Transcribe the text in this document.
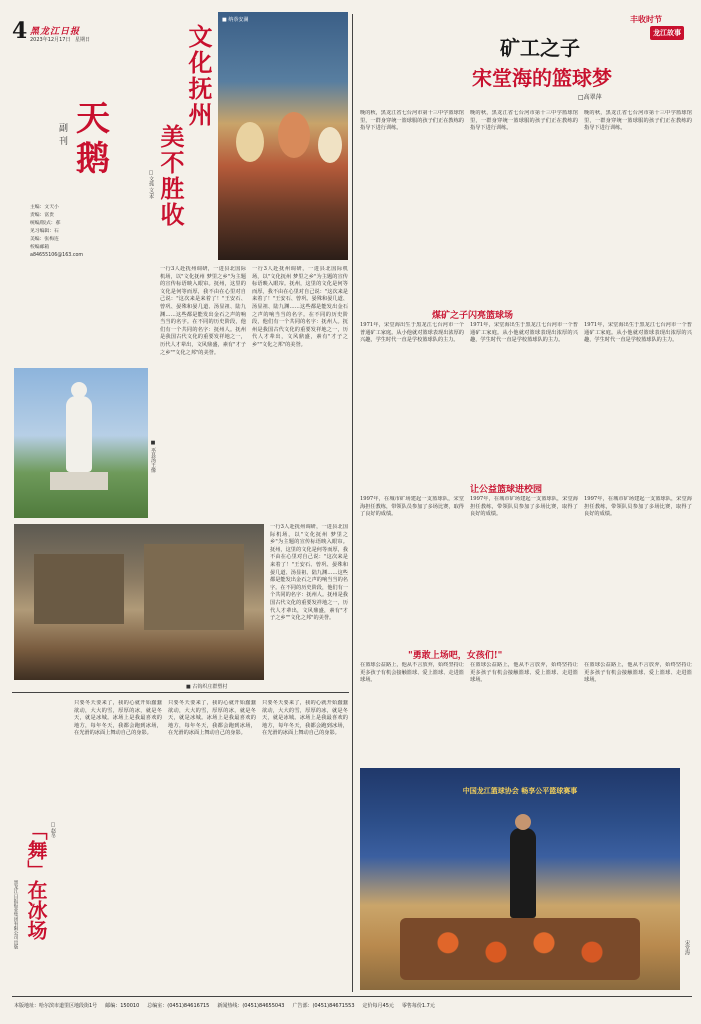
4 黑龙江日报
2023年12月17日 星期日
副刊 天鹅
主编：文天小
责编：富贵
统编/版式：郝
见习编辑：石
美编：张梅连
校编邮箱
a84655106@163.com
文化抚州
美不胜收
□文孤 文/本
■ 纳萘安澜
■ 巫县汤王像
■ 古钩织庄群塑村
一行3人赴抚州调研，一进县北国际机场，以"文化抚州 梦里之乡"为主题的宣传标语映入眼帘。抚州，这里的文化是何等而厚，我不由在心里对自己说："这次来是来着了！"王安石、曾巩、晏殊和晏几道、汤显祖、陆九渊……这些都是能发出金石之声的响当当的名字。在不同的历史阶段，他们有一个共同的名字：抚州人。抚州是我国古代文化的重要发祥地之一，历代人才辈出，文风鼎盛，素有"才子之乡""文化之邦"的美誉。
一行3人赴抚州调研，一进县北国际机场，以"文化抚州 梦里之乡"为主题的宣传标语映入眼帘。抚州，这里的文化是何等而厚，我不由在心里对自己说："这次来是来着了！"王安石、曾巩、晏殊和晏几道、汤显祖、陆九渊……这些都是能发出金石之声的响当当的名字。在不同的历史阶段，他们有一个共同的名字：抚州人。抚州是我国古代文化的重要发祥地之一，历代人才辈出，文风鼎盛，素有"才子之乡""文化之邦"的美誉。
一行3人赴抚州调研，一进县北国际机场，以"文化抚州 梦里之乡"为主题的宣传标语映入眼帘。抚州，这里的文化是何等而厚，我不由在心里对自己说："这次来是来着了！"王安石、曾巩、晏殊和晏几道、汤显祖、陆九渊……这些都是能发出金石之声的响当当的名字。在不同的历史阶段，他们有一个共同的名字：抚州人。抚州是我国古代文化的重要发祥地之一，历代人才辈出，文风鼎盛，素有"才子之乡""文化之邦"的美誉。
「舞」在冰场 □赵冬
只要冬天要来了，我的心就开始蠢蠢欲动，大大的雪，厚厚的冰，就是冬天，就是冰城。冰场上是我最喜欢的地方，每年冬天，我都会跑到冰场，在光滑的冰面上舞动自己的身影。
只要冬天要来了，我的心就开始蠢蠢欲动，大大的雪，厚厚的冰，就是冬天，就是冰城。冰场上是我最喜欢的地方，每年冬天，我都会跑到冰场，在光滑的冰面上舞动自己的身影。
只要冬天要来了，我的心就开始蠢蠢欲动，大大的雪，厚厚的冰，就是冬天，就是冰城。冰场上是我最喜欢的地方，每年冬天，我都会跑到冰场，在光滑的冰面上舞动自己的身影。
黑龙江日报报业集团有限公司出版
丰收时节
龙江故事
矿工之子
宋堂海的篮球梦
□高翠萍
晚的秋，黑龙江省七台河市第十三中学篮球馆里，一群身穿统一篮球服的孩子们正在教练的指导下进行训练。
晚的秋，黑龙江省七台河市第十三中学篮球馆里，一群身穿统一篮球服的孩子们正在教练的指导下进行训练。
晚的秋，黑龙江省七台河市第十三中学篮球馆里，一群身穿统一篮球服的孩子们正在教练的指导下进行训练。
煤矿之子闪亮篮球场
1971年，宋堂海出生于黑龙江七台河市一个普通矿工家庭。从小他就对篮球表现出浓厚的兴趣，学生时代一直是学校篮球队的主力。
1971年，宋堂海出生于黑龙江七台河市一个普通矿工家庭。从小他就对篮球表现出浓厚的兴趣，学生时代一直是学校篮球队的主力。
1971年，宋堂海出生于黑龙江七台河市一个普通矿工家庭。从小他就对篮球表现出浓厚的兴趣，学生时代一直是学校篮球队的主力。
让公益篮球进校园
1997年，在城市矿场建起一支篮球队，宋堂海担任教练，带领队员参加了多场比赛，取得了良好的成绩。
1997年，在城市矿场建起一支篮球队，宋堂海担任教练，带领队员参加了多场比赛，取得了良好的成绩。
1997年，在城市矿场建起一支篮球队，宋堂海担任教练，带领队员参加了多场比赛，取得了良好的成绩。
"勇敢上场吧，女孩们!"
在篮球公益路上，他从不言放弃，始终坚持让更多孩子有机会接触篮球、爱上篮球、走进篮球场。
在篮球公益路上，他从不言放弃，始终坚持让更多孩子有机会接触篮球、爱上篮球、走进篮球场。
在篮球公益路上，他从不言放弃，始终坚持让更多孩子有机会接触篮球、爱上篮球、走进篮球场。
中国龙江篮球协会 畅享公平篮球赛事
宋堂海
本版地址：哈尔滨市道里区地段街1号 邮编：150010 总编室：(0451)84616715 新闻热线：(0451)84655043 广告部：(0451)84671553 定价每月45元 零售每份1.7元
